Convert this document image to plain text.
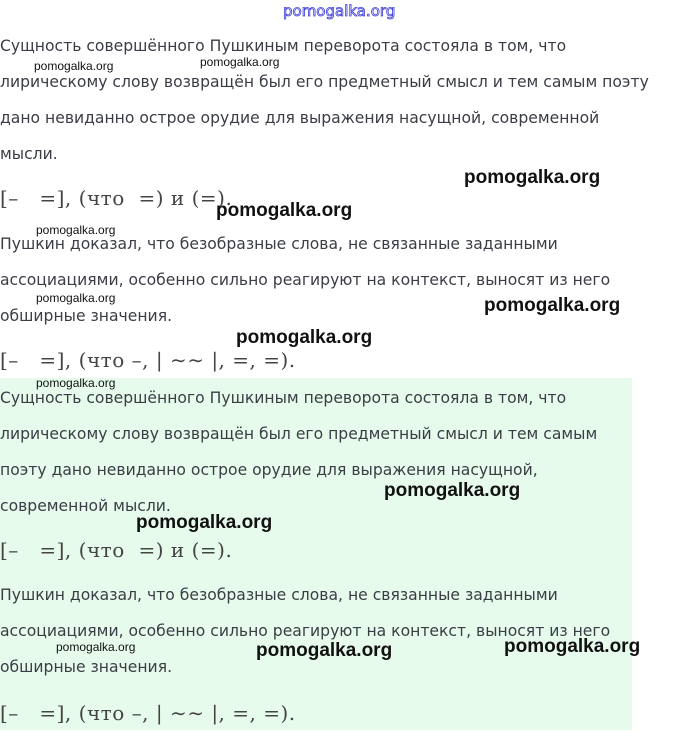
pomogalka.org

Сущность совершённого Пушкиным переворота состояла в том, что

лирическому слову возвращён был его предметный смысл и тем самым поэту

дано невиданно острое орудие для выражения насущной, современной

мысли.

[–   =], (что  =) и (=).

Пушкин доказал, что безобразные слова, не связанные заданными

ассоциациями, особенно сильно реагируют на контекст, выносят из него

обширные значения.

[–   =], (что –, | ∼∼ |, =, =).

Сущность совершённого Пушкиным переворота состояла в том, что

лирическому слову возвращён был его предметный смысл и тем самым

поэту дано невиданно острое орудие для выражения насущной,

современной мысли.

[–   =], (что  =) и (=).

Пушкин доказал, что безобразные слова, не связанные заданными

ассоциациями, особенно сильно реагируют на контекст, выносят из него

обширные значения.

[–   =], (что –, | ∼∼ |, =, =).
pomogalka.org	pomogalka.org
pomogalka.org
pomogalka.org
pomogalka.org
pomogalka.org	pomogalka.org
pomogalka.org
pomogalka.org
pomogalka.org
pomogalka.org
pomogalka.org	pomogalka.org
pomogalka.org
